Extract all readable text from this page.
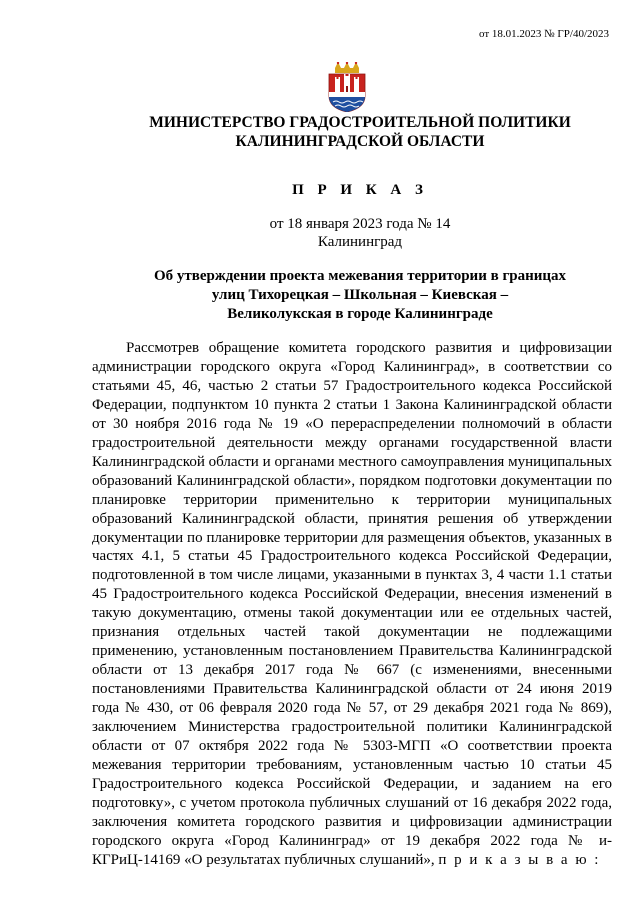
от 18.01.2023 № ГР/40/2023
МИНИСТЕРСТВО ГРАДОСТРОИТЕЛЬНОЙ ПОЛИТИКИ
КАЛИНИНГРАДСКОЙ ОБЛАСТИ
П Р И К А З
от 18 января 2023 года № 14
Калининград
Об утверждении проекта межевания территории в границах
улиц Тихорецкая – Школьная – Киевская –
Великолукская в городе Калининграде

Рассмотрев обращение комитета городского развития и цифровизации администрации городского округа «Город Калининград», в соответствии со статьями 45, 46, частью 2 статьи 57 Градостроительного кодекса Российской Федерации, подпунктом 10 пункта 2 статьи 1 Закона Калининградской области от 30 ноября 2016 года № 19 «О перераспределении полномочий в области градостроительной деятельности между органами государственной власти Калининградской области и органами местного самоуправления муниципальных образований Калининградской области», порядком подготовки документации по планировке территории применительно к территории муниципальных образований Калининградской области, принятия решения об утверждении документации по планировке территории для размещения объектов, указанных в частях 4.1, 5 статьи 45 Градостроительного кодекса Российской Федерации, подготовленной в том числе лицами, указанными в пунктах 3, 4 части 1.1 статьи 45 Градостроительного кодекса Российской Федерации, внесения изменений в такую документацию, отмены такой документации или ее отдельных частей, признания отдельных частей такой документации не подлежащими применению, установленным постановлением Правительства Калининградской области от 13 декабря 2017 года № 667 (с изменениями, внесенными постановлениями Правительства Калининградской области от 24 июня 2019 года № 430, от 06 февраля 2020 года № 57, от 29 декабря 2021 года № 869), заключением Министерства градостроительной политики Калининградской области от 07 октября 2022 года № 5303-МГП «О соответствии проекта межевания территории требованиям, установленным частью 10 статьи 45 Градостроительного кодекса Российской Федерации, и заданием на его подготовку», с учетом протокола публичных слушаний от 16 декабря 2022 года, заключения комитета городского развития и цифровизации администрации городского округа «Город Калининград» от 19 декабря 2022 года № и-КГРиЦ-14169 «О результатах публичных слушаний», п р и к а з ы в а ю :
